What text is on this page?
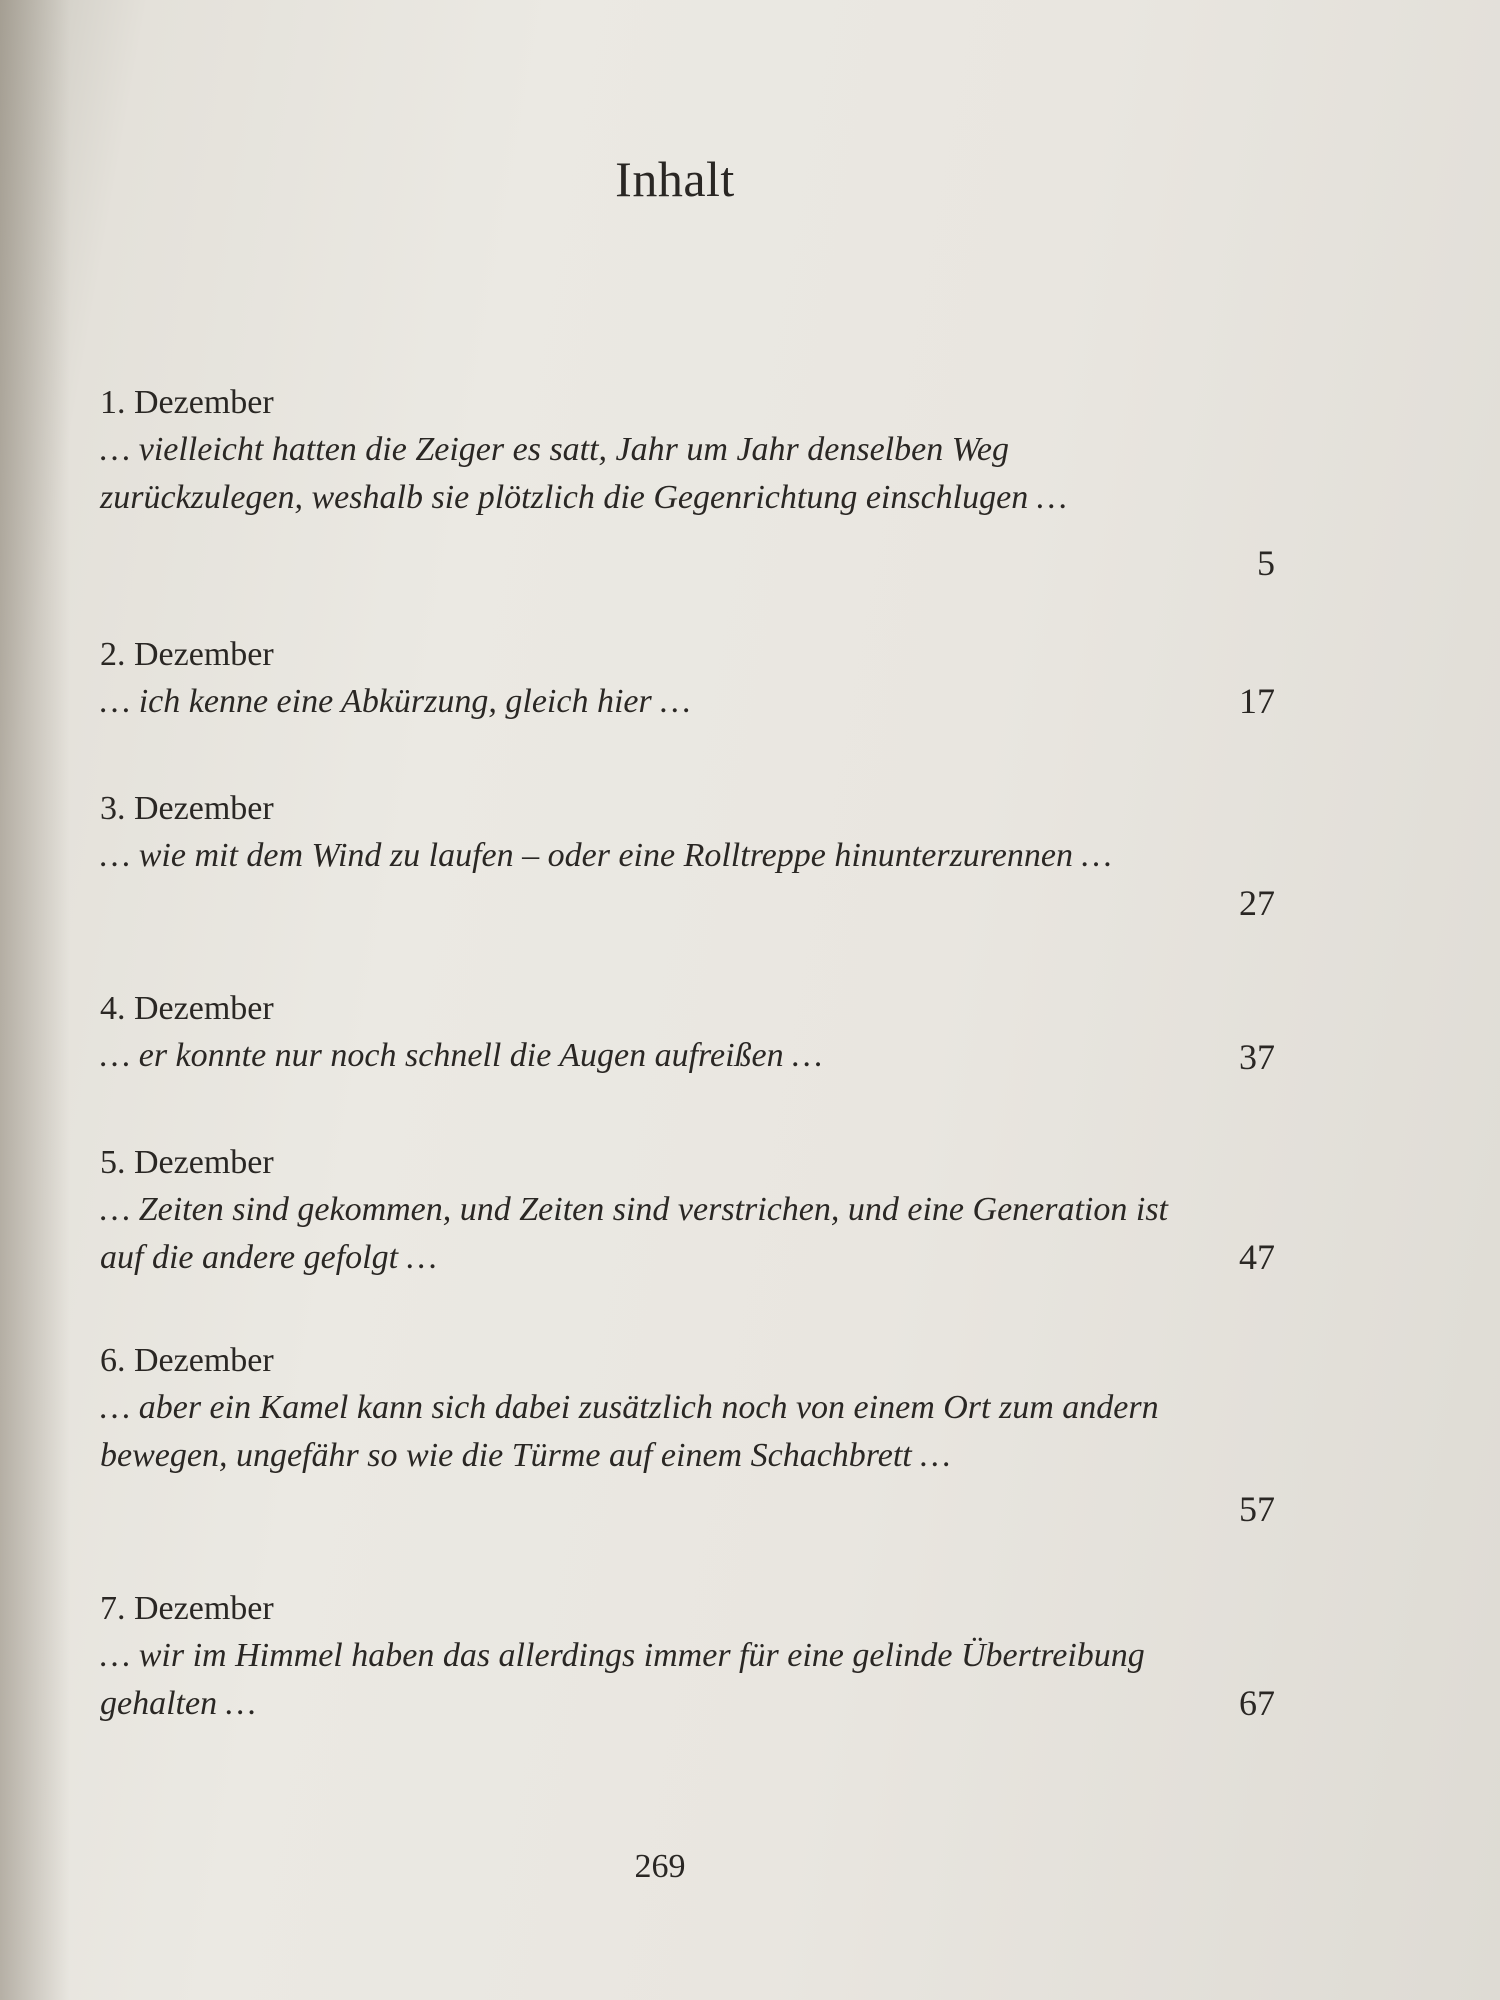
Inhalt
1. Dezember
… vielleicht hatten die Zeiger es satt, Jahr um Jahr denselben Weg zurückzulegen, weshalb sie plötzlich die Gegenrichtung einschlugen …
5
2. Dezember
… ich kenne eine Abkürzung, gleich hier …	17
3. Dezember
… wie mit dem Wind zu laufen – oder eine Rolltreppe hinunterzurennen …
27
4. Dezember
… er konnte nur noch schnell die Augen aufreißen …	37
5. Dezember
… Zeiten sind gekommen, und Zeiten sind verstrichen, und eine Generation ist auf die andere gefolgt …	47
6. Dezember
… aber ein Kamel kann sich dabei zusätzlich noch von einem Ort zum andern bewegen, ungefähr so wie die Türme auf einem Schachbrett …
57
7. Dezember
… wir im Himmel haben das allerdings immer für eine gelinde Übertreibung gehalten …	67
269
